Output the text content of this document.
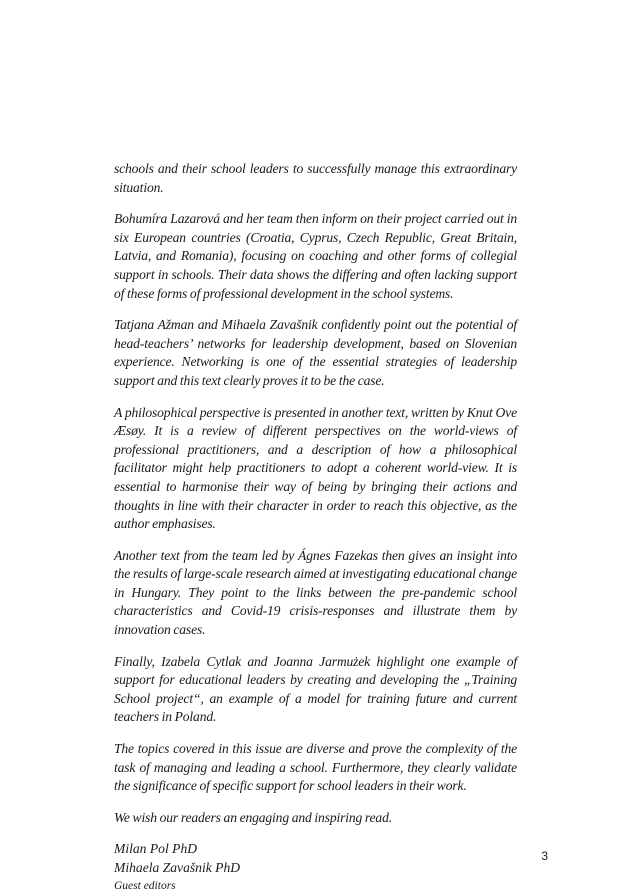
schools and their school leaders to successfully manage this extraordinary situation.

Bohumíra Lazarová and her team then inform on their project carried out in six European countries (Croatia, Cyprus, Czech Republic, Great Britain, Latvia, and Romania), focusing on coaching and other forms of collegial support in schools. Their data shows the differing and often lacking support of these forms of professional development in the school systems.

Tatjana Ažman and Mihaela Zavašnik confidently point out the potential of head-teachers’ networks for leadership development, based on Slovenian experience. Networking is one of the essential strategies of leadership support and this text clearly proves it to be the case.

A philosophical perspective is presented in another text, written by Knut Ove Æsøy. It is a review of different perspectives on the world-views of professional practitioners, and a description of how a philosophical facilitator might help practitioners to adopt a coherent world-view. It is essential to harmonise their way of being by bringing their actions and thoughts in line with their character in order to reach this objective, as the author emphasises.

Another text from the team led by Ágnes Fazekas then gives an insight into the results of large-scale research aimed at investigating educational change in Hungary. They point to the links between the pre-pandemic school characteristics and Covid-19 crisis-responses and illustrate them by innovation cases.

Finally, Izabela Cytlak and Joanna Jarmużek highlight one example of support for educational leaders by creating and developing the „Training School project“, an example of a model for training future and current teachers in Poland.

The topics covered in this issue are diverse and prove the complexity of the task of managing and leading a school. Furthermore, they clearly validate the significance of specific support for school leaders in their work.

We wish our readers an engaging and inspiring read.

Milan Pol PhD

Mihaela Zavašnik PhD

Guest editors

3
